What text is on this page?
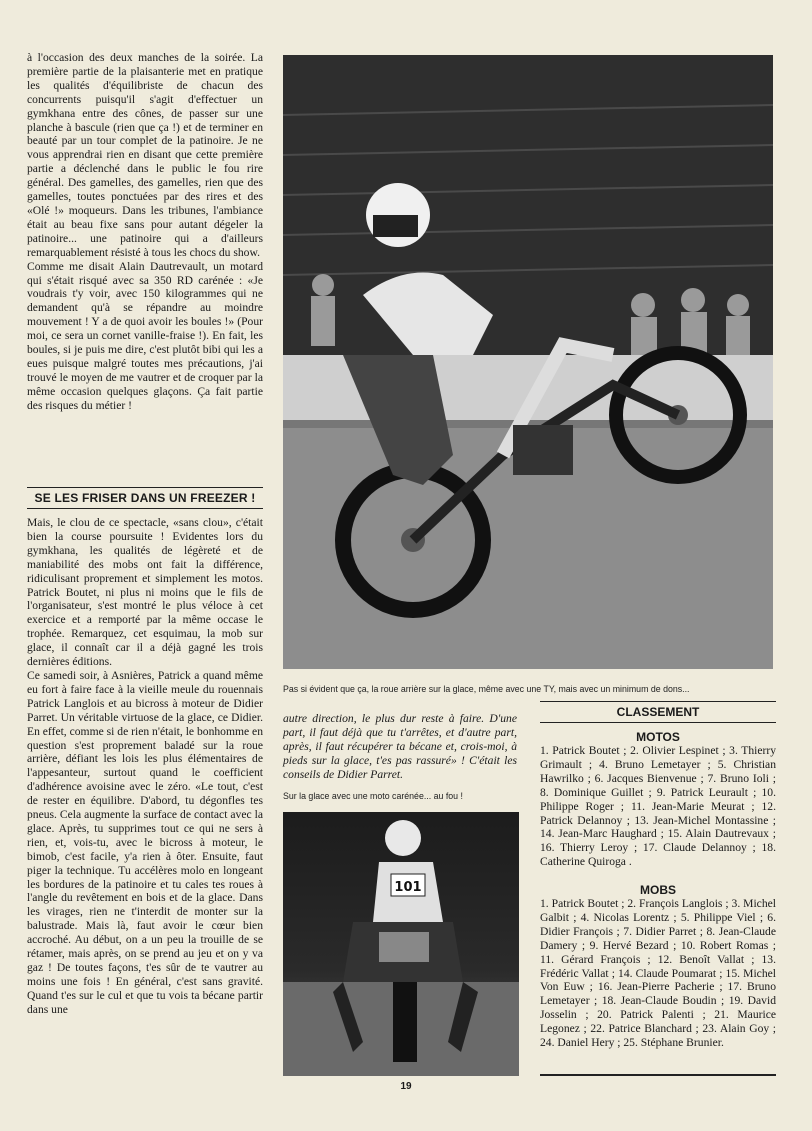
à l'occasion des deux manches de la soirée. La première partie de la plaisanterie met en pratique les qualités d'équilibriste de chacun des concurrents puisqu'il s'agit d'effectuer un gymkhana entre des cônes, de passer sur une planche à bascule (rien que ça !) et de terminer en beauté par un tour complet de la patinoire. Je ne vous apprendrai rien en disant que cette première partie a déclenché dans le public le fou rire général. Des gamelles, des gamelles, rien que des gamelles, toutes ponctuées par des rires et des «Olé !» moqueurs. Dans les tribunes, l'ambiance était au beau fixe sans pour autant dégeler la patinoire... une patinoire qui a d'ailleurs remarquablement résisté à tous les chocs du show.

Comme me disait Alain Dautrevault, un motard qui s'était risqué avec sa 350 RD carénée : «Je voudrais t'y voir, avec 150 kilogrammes qui ne demandent qu'à se répandre au moindre mouvement ! Y a de quoi avoir les boules !» (Pour moi, ce sera un cornet vanille-fraise !). En fait, les boules, si je puis me dire, c'est plutôt bibi qui les a eues puisque malgré toutes mes précautions, j'ai trouvé le moyen de me vautrer et de croquer par la même occasion quelques glaçons. Ça fait partie des risques du métier !

SE LES FRISER DANS UN FREEZER !

Mais, le clou de ce spectacle, «sans clou», c'était bien la course poursuite ! Evidentes lors du gymkhana, les qualités de légèreté et de maniabilité des mobs ont fait la différence, ridiculisant proprement et simplement les motos. Patrick Boutet, ni plus ni moins que le fils de l'organisateur, s'est montré le plus véloce à cet exercice et a remporté par la même occase le trophée. Remarquez, cet esquimau, la mob sur glace, il connaît car il a déjà gagné les trois dernières éditions.

Ce samedi soir, à Asnières, Patrick a quand même eu fort à faire face à la vieille meule du rouennais Patrick Langlois et au bicross à moteur de Didier Parret. Un véritable virtuose de la glace, ce Didier. En effet, comme si de rien n'était, le bonhomme en question s'est proprement baladé sur la roue arrière, défiant les lois les plus élémentaires de l'appesanteur, surtout quand le coefficient d'adhérence avoisine avec le zéro. «Le tout, c'est de rester en équilibre. D'abord, tu dégonfles tes pneus. Cela augmente la surface de contact avec la glace. Après, tu supprimes tout ce qui ne sers à rien, et, vois-tu, avec le bicross à moteur, le bimob, c'est facile, y'a rien à ôter. Ensuite, faut piger la technique. Tu accélères molo en longeant les bordures de la patinoire et tu cales tes roues à l'angle du revêtement en bois et de la glace. Dans les virages, rien ne t'interdit de monter sur la balustrade. Mais là, faut avoir le cœur bien accroché. Au début, on a un peu la trouille de se rétamer, mais après, on se prend au jeu et on y va gaz ! De toutes façons, t'es sûr de te vautrer au moins une fois ! En général, c'est sans gravité. Quand t'es sur le cul et que tu vois ta bécane partir dans une

Pas si évident que ça, la roue arrière sur la glace, même avec une TY, mais avec un minimum de dons...

autre direction, le plus dur reste à faire. D'une part, il faut déjà que tu t'arrêtes, et d'autre part, après, il faut récupérer ta bécane et, crois-moi, à pieds sur la glace, t'es pas rassuré» ! C'était les conseils de Didier Parret.

Sur la glace avec une moto carénée... au fou !
101
CLASSEMENT
MOTOS

1. Patrick Boutet ; 2. Olivier Lespinet ; 3. Thierry Grimault ; 4. Bruno Lemetayer ; 5. Christian Hawrilko ; 6. Jacques Bienvenue ; 7. Bruno Ioli ; 8. Dominique Guillet ; 9. Patrick Leurault ; 10. Philippe Roger ; 11. Jean-Marie Meurat ; 12. Patrick Delannoy ; 13. Jean-Michel Montassine ; 14. Jean-Marc Haughard ; 15. Alain Dautrevaux ; 16. Thierry Leroy ; 17. Claude Delannoy ; 18. Catherine Quiroga .

MOBS

1. Patrick Boutet ; 2. François Langlois ; 3. Michel Galbit ; 4. Nicolas Lorentz ; 5. Philippe Viel ; 6. Didier François ; 7. Didier Parret ; 8. Jean-Claude Damery ; 9. Hervé Bezard ; 10. Robert Romas ; 11. Gérard François ; 12. Benoît Vallat ; 13. Frédéric Vallat ; 14. Claude Poumarat ; 15. Michel Von Euw ; 16. Jean-Pierre Pacherie ; 17. Bruno Lemetayer ; 18. Jean-Claude Boudin ; 19. David Josselin ; 20. Patrick Palenti ; 21. Maurice Legonez ; 22. Patrice Blanchard ; 23. Alain Goy ; 24. Daniel Hery ; 25. Stéphane Brunier.

19
